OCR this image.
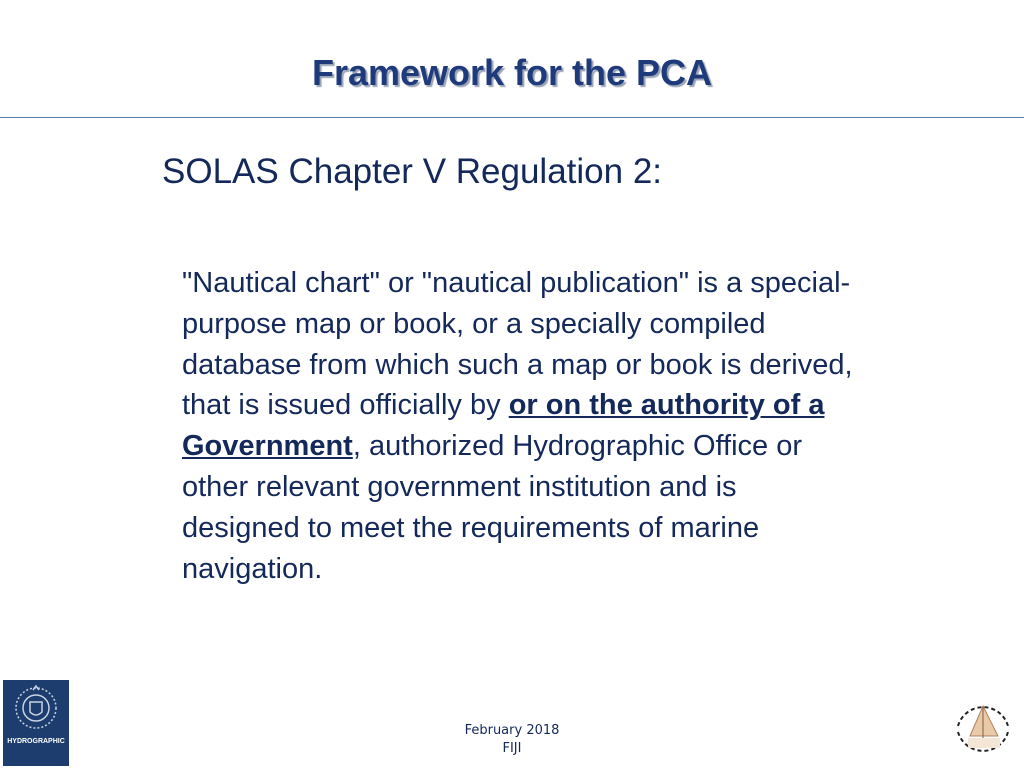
Framework for the PCA
SOLAS Chapter V Regulation 2:
"Nautical chart" or "nautical publication" is a special-purpose map or book, or a specially compiled database from which such a map or book is derived, that is issued officially by or on the authority of a Government, authorized Hydrographic Office or other relevant government institution and is designed to meet the requirements of marine navigation.
HYDROGRAPHIC
February 2018
FIJI
